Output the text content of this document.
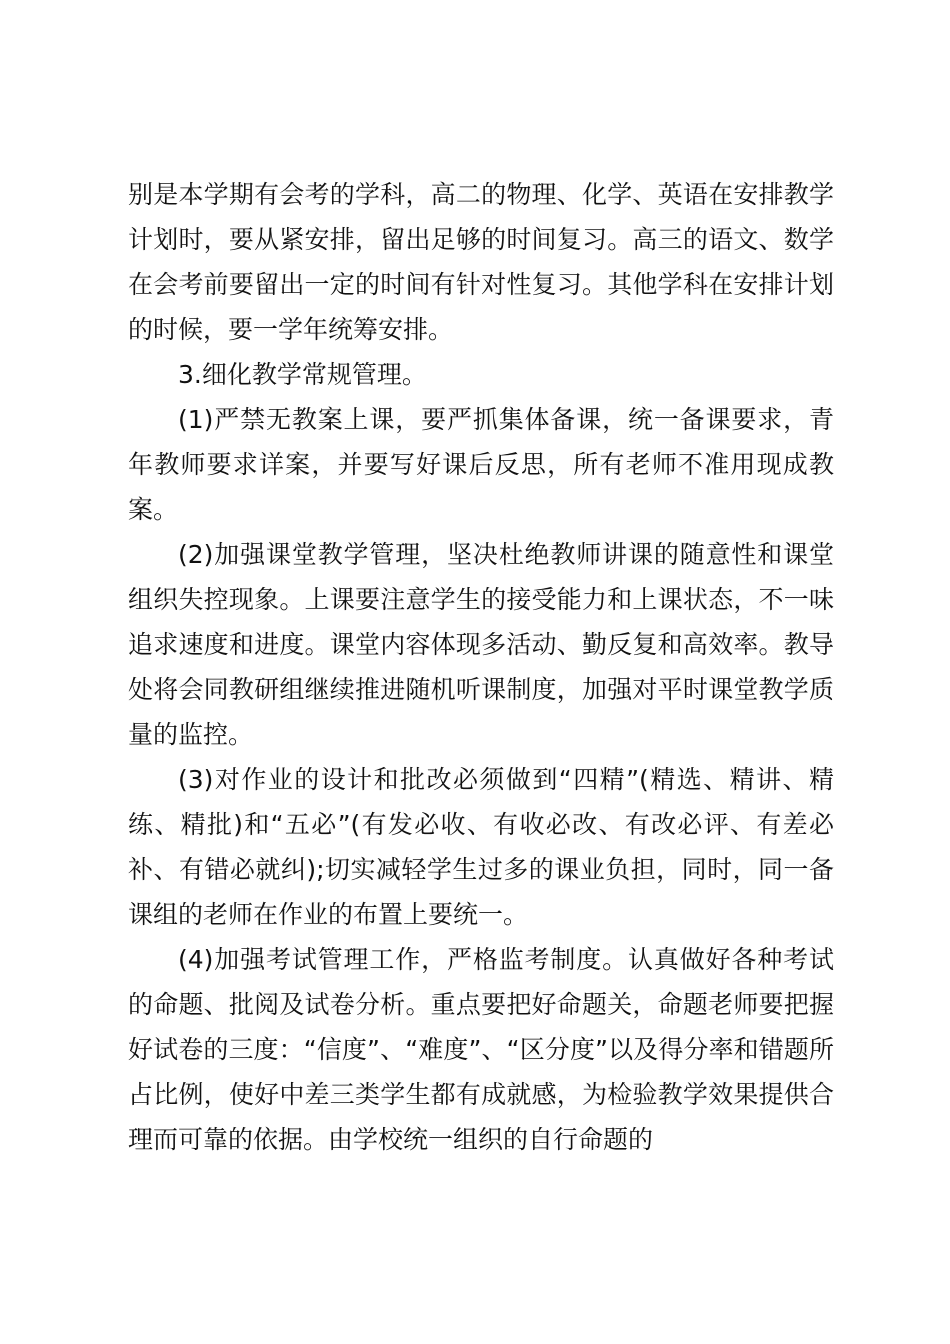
别是本学期有会考的学科，高二的物理、化学、英语在安排教学计划时，要从紧安排，留出足够的时间复习。高三的语文、数学在会考前要留出一定的时间有针对性复习。其他学科在安排计划的时候，要一学年统筹安排。

3.细化教学常规管理。

(1)严禁无教案上课，要严抓集体备课，统一备课要求，青年教师要求详案，并要写好课后反思，所有老师不准用现成教案。

(2)加强课堂教学管理，坚决杜绝教师讲课的随意性和课堂组织失控现象。上课要注意学生的接受能力和上课状态，不一味追求速度和进度。课堂内容体现多活动、勤反复和高效率。教导处将会同教研组继续推进随机听课制度，加强对平时课堂教学质量的监控。

(3)对作业的设计和批改必须做到“四精”(精选、精讲、精练、精批)和“五必”(有发必收、有收必改、有改必评、有差必补、有错必就纠);切实减轻学生过多的课业负担，同时，同一备课组的老师在作业的布置上要统一。

(4)加强考试管理工作，严格监考制度。认真做好各种考试的命题、批阅及试卷分析。重点要把好命题关，命题老师要把握好试卷的三度：“信度”、“难度”、“区分度”以及得分率和错题所占比例，使好中差三类学生都有成就感，为检验教学效果提供合理而可靠的依据。由学校统一组织的自行命题的
